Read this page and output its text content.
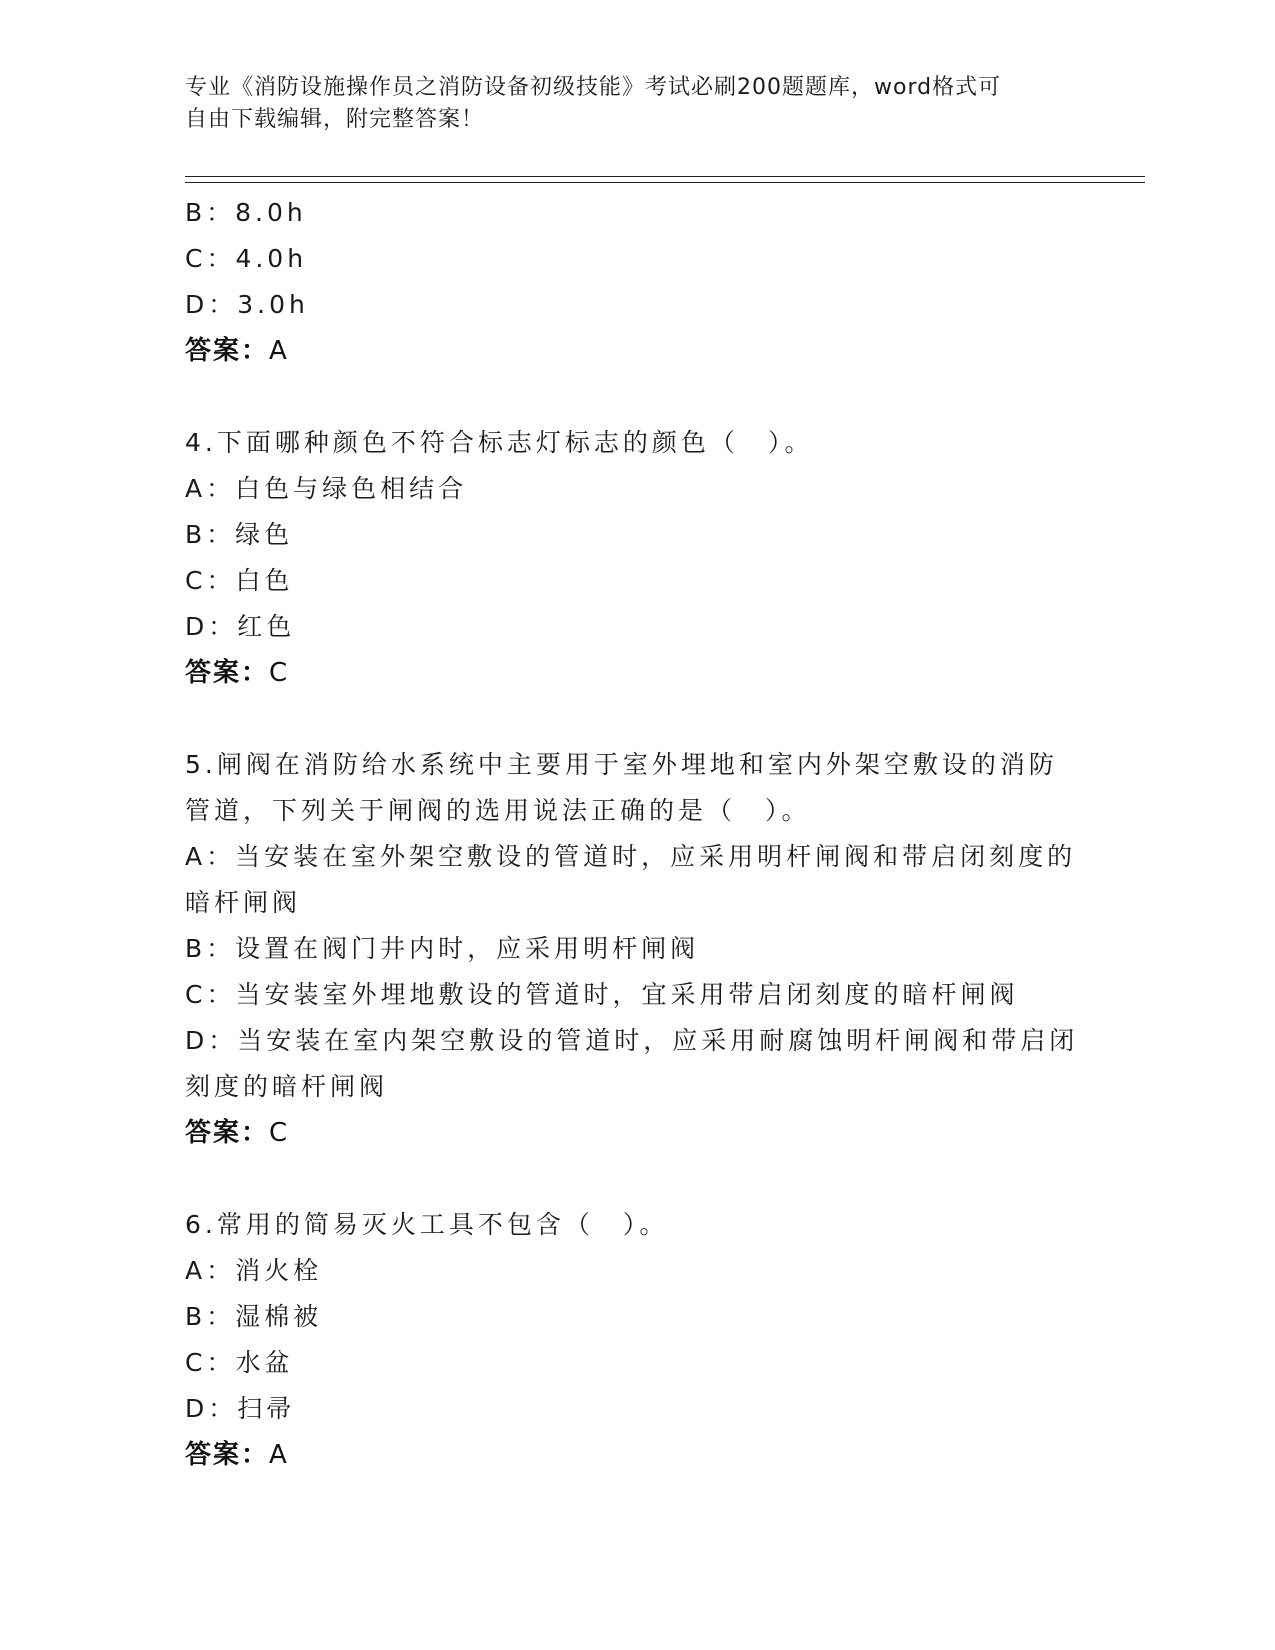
专业《消防设施操作员之消防设备初级技能》考试必刷200题题库，word格式可
自由下载编辑，附完整答案！
B：8.0h
C：4.0h
D：3.0h
答案：A
4.下面哪种颜色不符合标志灯标志的颜色（　）。
A：白色与绿色相结合
B：绿色
C：白色
D：红色
答案：C
5.闸阀在消防给水系统中主要用于室外埋地和室内外架空敷设的消防
管道，下列关于闸阀的选用说法正确的是（　）。
A：当安装在室外架空敷设的管道时，应采用明杆闸阀和带启闭刻度的
暗杆闸阀
B：设置在阀门井内时，应采用明杆闸阀
C：当安装室外埋地敷设的管道时，宜采用带启闭刻度的暗杆闸阀
D：当安装在室内架空敷设的管道时，应采用耐腐蚀明杆闸阀和带启闭
刻度的暗杆闸阀
答案：C
6.常用的简易灭火工具不包含（　）。
A：消火栓
B：湿棉被
C：水盆
D：扫帚
答案：A
